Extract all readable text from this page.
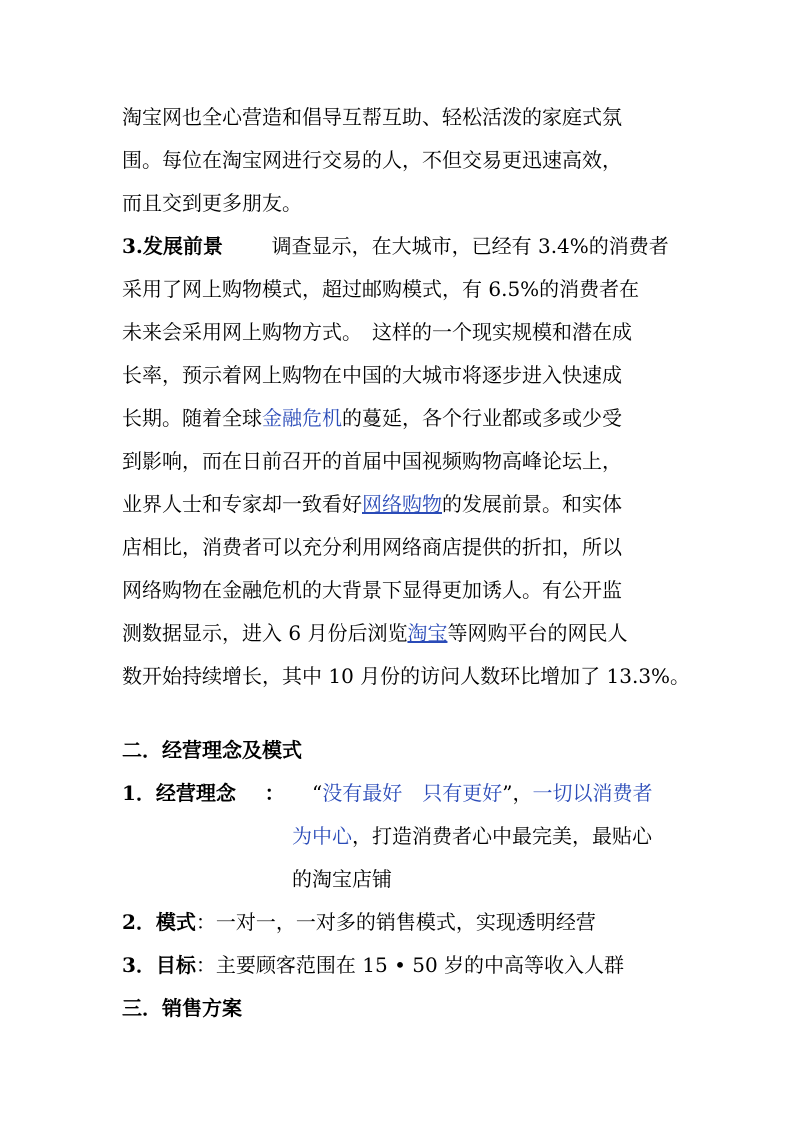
淘宝网也全心营造和倡导互帮互助、轻松活泼的家庭式氛
围。每位在淘宝网进行交易的人，不但交易更迅速高效，
而且交到更多朋友。
3.发展前景 调查显示，在大城市，已经有 3.4%的消费者
采用了网上购物模式，超过邮购模式，有 6.5%的消费者在
未来会采用网上购物方式。　这样的一个现实规模和潜在成
长率，预示着网上购物在中国的大城市将逐步进入快速成
长期。随着全球金融危机的蔓延，各个行业都或多或少受
到影响，而在日前召开的首届中国视频购物高峰论坛上，
业界人士和专家却一致看好网络购物的发展前景。和实体
店相比，消费者可以充分利用网络商店提供的折扣，所以
网络购物在金融危机的大背景下显得更加诱人。有公开监
测数据显示，进入 6 月份后浏览淘宝等网购平台的网民人
数开始持续增长，其中 10 月份的访问人数环比增加了 13.3%。
二．经营理念及模式
1．经营理念 ： “没有最好　只有更好”，一切以消费者
为中心，打造消费者心中最完美，最贴心
的淘宝店铺
2．模式：一对一，一对多的销售模式，实现透明经营
3．目标：主要顾客范围在 15 • 50 岁的中高等收入人群
三．销售方案
